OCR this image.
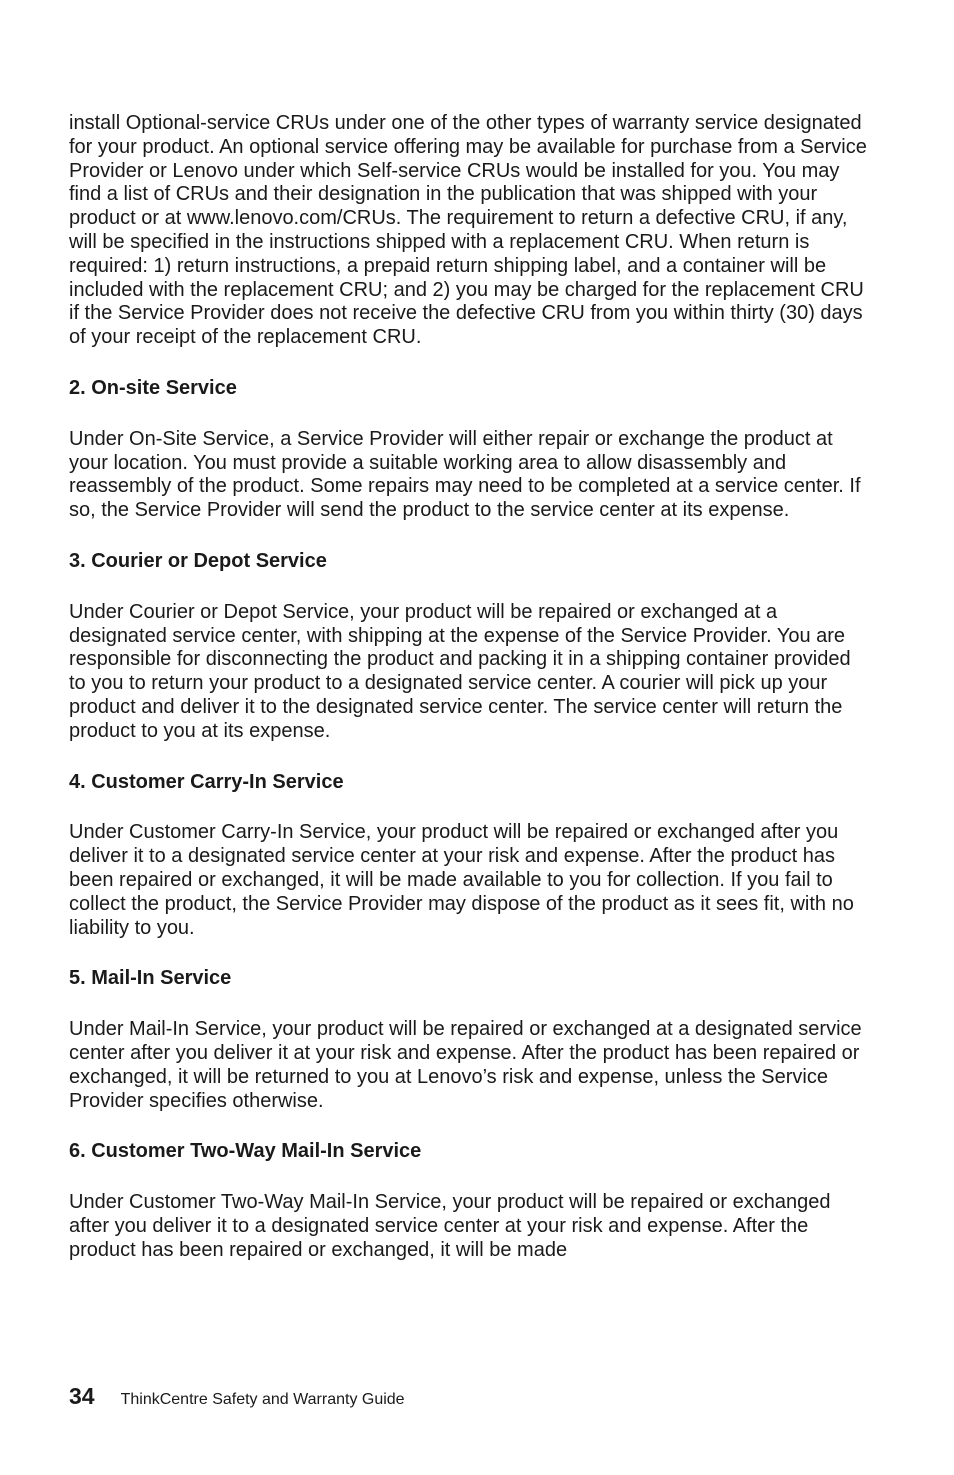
install Optional-service CRUs under one of the other types of warranty service designated for your product. An optional service offering may be available for purchase from a Service Provider or Lenovo under which Self-service CRUs would be installed for you. You may find a list of CRUs and their designation in the publication that was shipped with your product or at www.lenovo.com/CRUs. The requirement to return a defective CRU, if any, will be specified in the instructions shipped with a replacement CRU. When return is required: 1) return instructions, a prepaid return shipping label, and a container will be included with the replacement CRU; and 2) you may be charged for the replacement CRU if the Service Provider does not receive the defective CRU from you within thirty (30) days of your receipt of the replacement CRU.

2. On-site Service

Under On-Site Service, a Service Provider will either repair or exchange the product at your location. You must provide a suitable working area to allow disassembly and reassembly of the product. Some repairs may need to be completed at a service center. If so, the Service Provider will send the product to the service center at its expense.

3. Courier or Depot Service

Under Courier or Depot Service, your product will be repaired or exchanged at a designated service center, with shipping at the expense of the Service Provider. You are responsible for disconnecting the product and packing it in a shipping container provided to you to return your product to a designated service center. A courier will pick up your product and deliver it to the designated service center. The service center will return the product to you at its expense.

4. Customer Carry-In Service

Under Customer Carry-In Service, your product will be repaired or exchanged after you deliver it to a designated service center at your risk and expense. After the product has been repaired or exchanged, it will be made available to you for collection. If you fail to collect the product, the Service Provider may dispose of the product as it sees fit, with no liability to you.

5. Mail-In Service

Under Mail-In Service, your product will be repaired or exchanged at a designated service center after you deliver it at your risk and expense. After the product has been repaired or exchanged, it will be returned to you at Lenovo’s risk and expense, unless the Service Provider specifies otherwise.

6. Customer Two-Way Mail-In Service

Under Customer Two-Way Mail-In Service, your product will be repaired or exchanged after you deliver it to a designated service center at your risk and expense. After the product has been repaired or exchanged, it will be made

34 ThinkCentre Safety and Warranty Guide
